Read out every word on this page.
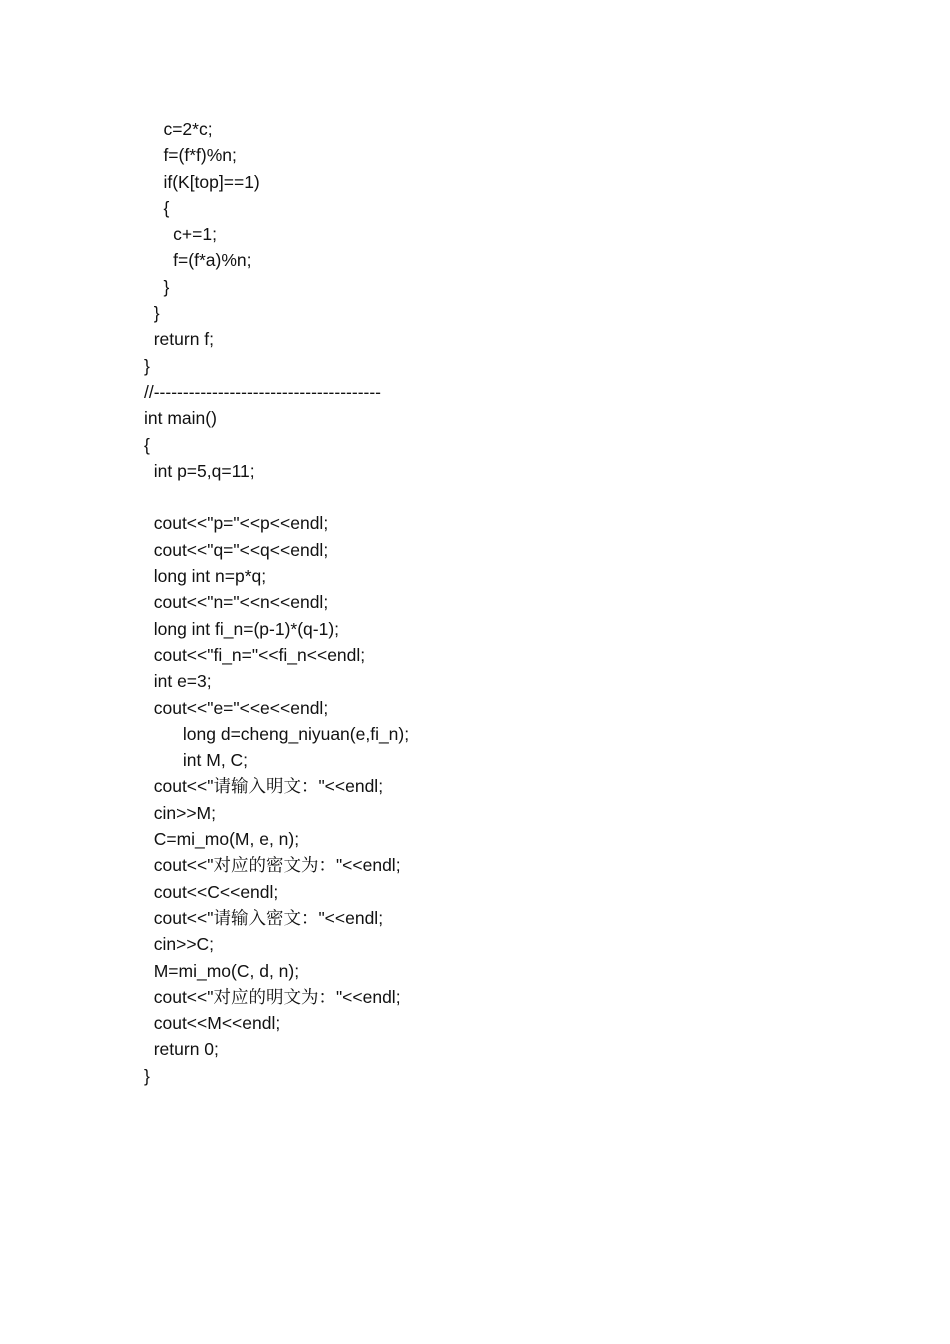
c=2*c;
f=(f*f)%n;
if(K[top]==1)
{
c+=1;
f=(f*a)%n;
}
}
return f;
}
//---------------------------------------
int main()
{
int p=5,q=11;
cout<<"p="<<p<<endl;
cout<<"q="<<q<<endl;
long int n=p*q;
cout<<"n="<<n<<endl;
long int fi_n=(p-1)*(q-1);
cout<<"fi_n="<<fi_n<<endl;
int e=3;
cout<<"e="<<e<<endl;
long d=cheng_niyuan(e,fi_n);
int M, C;
cout<<"请输入明文："<<endl;
cin>>M;
C=mi_mo(M, e, n);
cout<<"对应的密文为："<<endl;
cout<<C<<endl;
cout<<"请输入密文："<<endl;
cin>>C;
M=mi_mo(C, d, n);
cout<<"对应的明文为："<<endl;
cout<<M<<endl;
return 0;
}
